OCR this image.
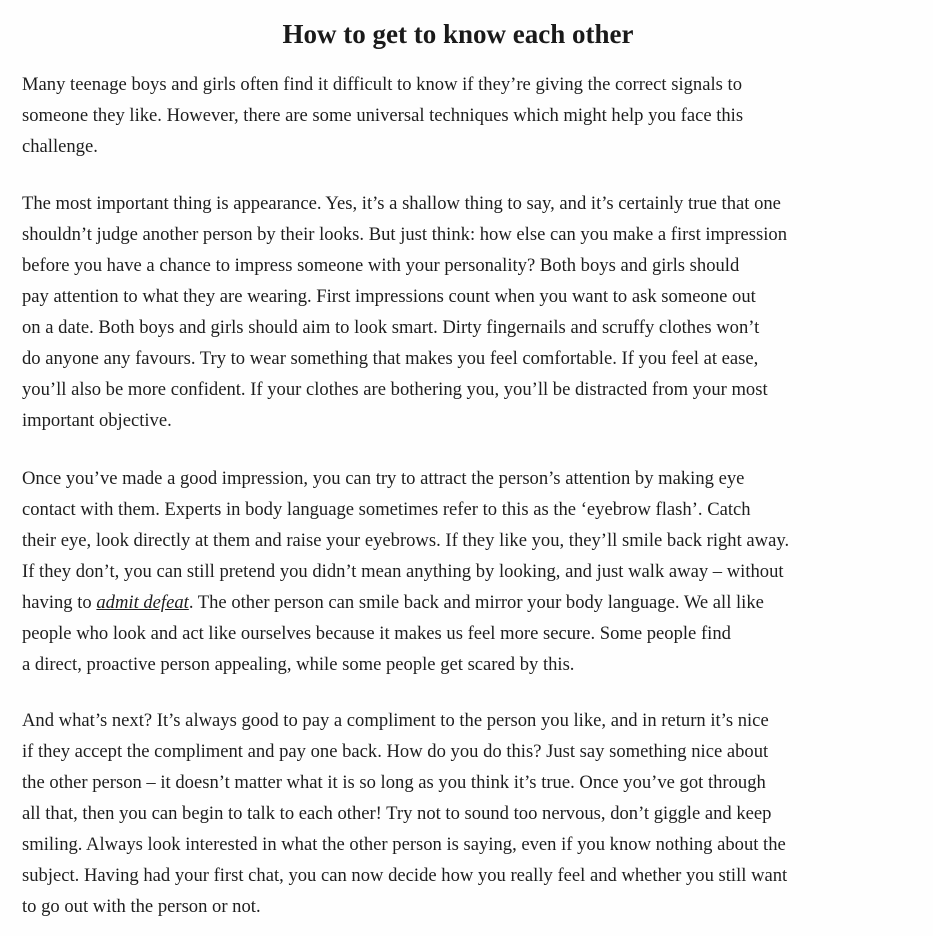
How to get to know each other

Many teenage boys and girls often find it difficult to know if they’re giving the correct signals to
someone they like. However, there are some universal techniques which might help you face this
challenge.

The most important thing is appearance. Yes, it’s a shallow thing to say, and it’s certainly true that one
shouldn’t judge another person by their looks. But just think: how else can you make a first impression
before you have a chance to impress someone with your personality? Both boys and girls should
pay attention to what they are wearing. First impressions count when you want to ask someone out
on a date. Both boys and girls should aim to look smart. Dirty fingernails and scruffy clothes won’t
do anyone any favours. Try to wear something that makes you feel comfortable. If you feel at ease,
you’ll also be more confident. If your clothes are bothering you, you’ll be distracted from your most
important objective.

Once you’ve made a good impression, you can try to attract the person’s attention by making eye
contact with them. Experts in body language sometimes refer to this as the ‘eyebrow flash’. Catch
their eye, look directly at them and raise your eyebrows. If they like you, they’ll smile back right away.
If they don’t, you can still pretend you didn’t mean anything by looking, and just walk away – without
having to admit defeat. The other person can smile back and mirror your body language. We all like
people who look and act like ourselves because it makes us feel more secure. Some people find
a direct, proactive person appealing, while some people get scared by this.

And what’s next? It’s always good to pay a compliment to the person you like, and in return it’s nice
if they accept the compliment and pay one back. How do you do this? Just say something nice about
the other person – it doesn’t matter what it is so long as you think it’s true. Once you’ve got through
all that, then you can begin to talk to each other! Try not to sound too nervous, don’t giggle and keep
smiling. Always look interested in what the other person is saying, even if you know nothing about the
subject. Having had your first chat, you can now decide how you really feel and whether you still want
to go out with the person or not.
